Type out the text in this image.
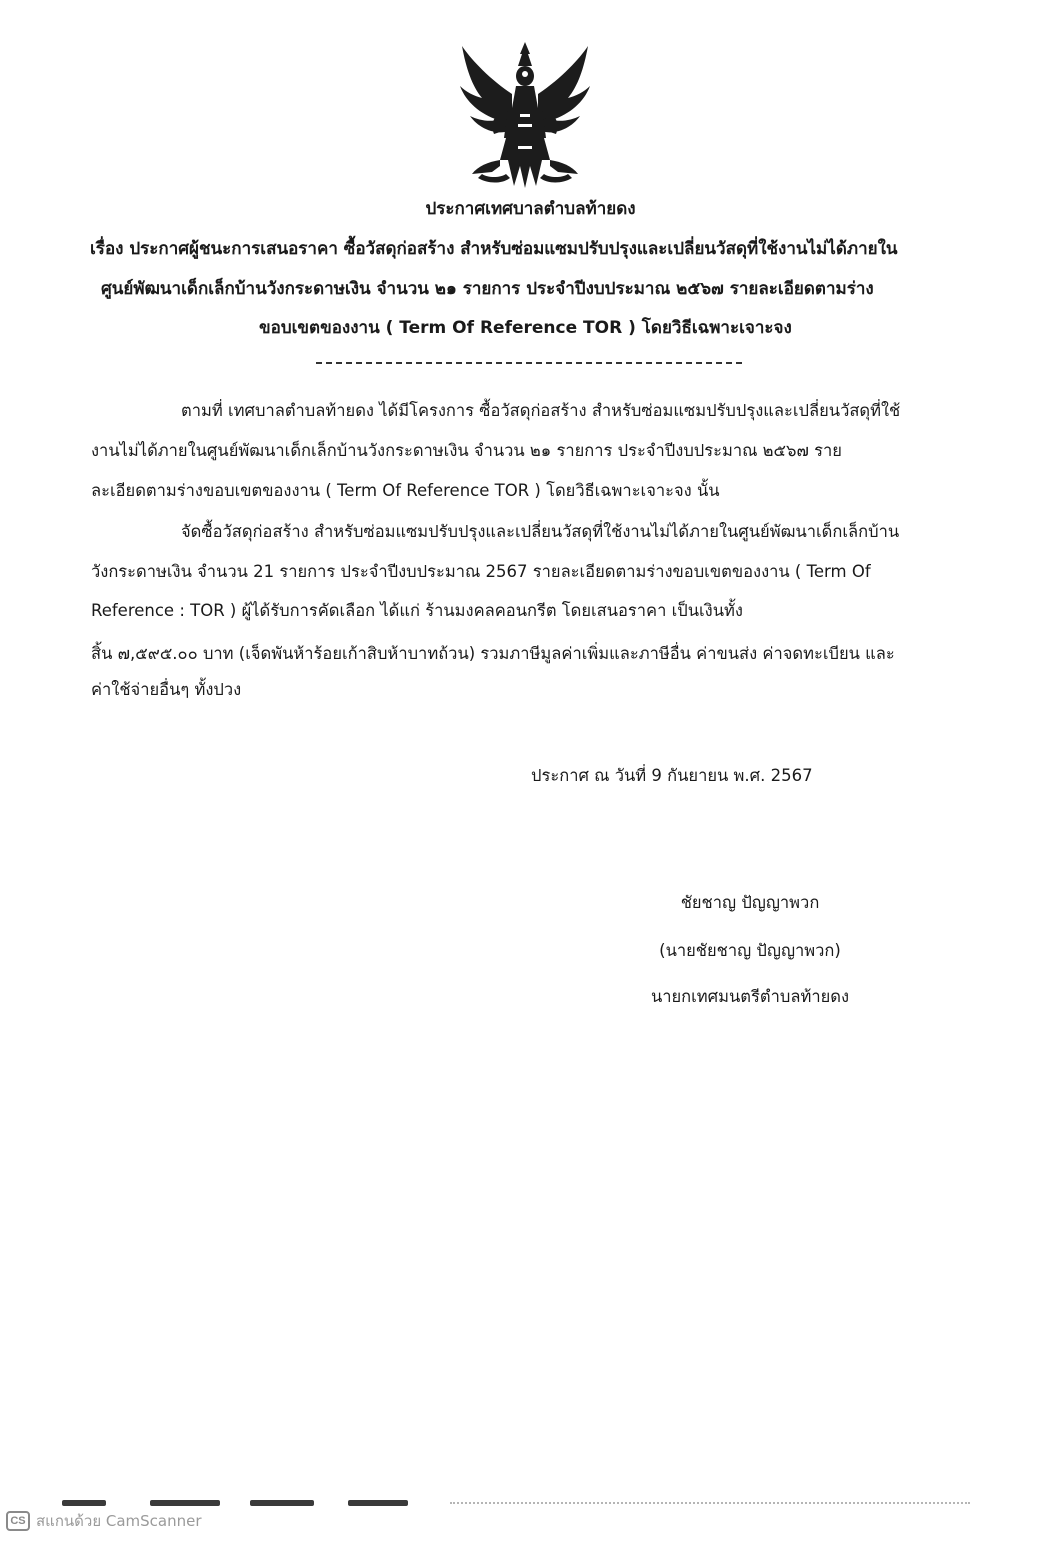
ประกาศเทศบาลตำบลท้ายดง
เรื่อง ประกาศผู้ชนะการเสนอราคา ซื้อวัสดุก่อสร้าง สำหรับซ่อมแซมปรับปรุงและเปลี่ยนวัสดุที่ใช้งานไม่ได้ภายใน
ศูนย์พัฒนาเด็กเล็กบ้านวังกระดาษเงิน จำนวน ๒๑ รายการ ประจำปีงบประมาณ ๒๕๖๗ รายละเอียดตามร่าง
ขอบเขตของงาน ( Term Of Reference TOR ) โดยวิธีเฉพาะเจาะจง
ตามที่ เทศบาลตำบลท้ายดง ได้มีโครงการ ซื้อวัสดุก่อสร้าง สำหรับซ่อมแซมปรับปรุงและเปลี่ยนวัสดุที่ใช้
งานไม่ได้ภายในศูนย์พัฒนาเด็กเล็กบ้านวังกระดาษเงิน จำนวน ๒๑ รายการ ประจำปีงบประมาณ ๒๕๖๗ ราย
ละเอียดตามร่างขอบเขตของงาน ( Term Of Reference TOR ) โดยวิธีเฉพาะเจาะจง นั้น
จัดซื้อวัสดุก่อสร้าง สำหรับซ่อมแซมปรับปรุงและเปลี่ยนวัสดุที่ใช้งานไม่ได้ภายในศูนย์พัฒนาเด็กเล็กบ้าน
วังกระดาษเงิน จำนวน 21 รายการ ประจำปีงบประมาณ 2567 รายละเอียดตามร่างขอบเขตของงาน ( Term Of
Reference : TOR ) ผู้ได้รับการคัดเลือก ได้แก่ ร้านมงคลคอนกรีต โดยเสนอราคา เป็นเงินทั้ง
สิ้น ๗,๕๙๕.๐๐ บาท (เจ็ดพันห้าร้อยเก้าสิบห้าบาทถ้วน) รวมภาษีมูลค่าเพิ่มและภาษีอื่น ค่าขนส่ง ค่าจดทะเบียน และ
ค่าใช้จ่ายอื่นๆ ทั้งปวง
ประกาศ ณ วันที่ 9 กันยายน พ.ศ. 2567
ชัยชาญ ปัญญาพวก
(นายชัยชาญ ปัญญาพวก)
นายกเทศมนตรีตำบลท้ายดง
CS สแกนด้วย CamScanner
